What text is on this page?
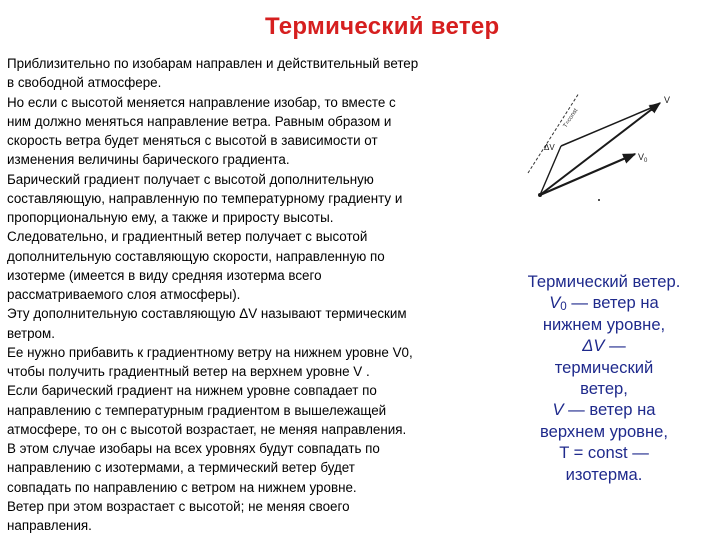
Термический ветер
Приблизительно по изобарам направлен и действительный ветер
в свободной атмосфере.
Но если с высотой меняется направление изобар, то вместе с
ним должно меняться направление ветра. Равным образом и
скорость ветра будет меняться с высотой в зависимости от
изменения величины барического градиента.
Барический градиент получает с высотой дополнительную
составляющую, направленную по температурному градиенту и
пропорциональную ему, а также и приросту высоты.
Следовательно, и градиентный ветер получает с высотой
дополнительную составляющую скорости, направленную по
изотерме (имеется в виду средняя изотерма всего
рассматриваемого слоя атмосферы).
Эту дополнительную составляющую ΔV называют термическим
ветром.
Ее нужно прибавить к градиентному ветру на нижнем уровне V0,
чтобы получить градиентный ветер на верхнем уровне V .
Если барический градиент на нижнем уровне совпадает по
направлению с температурным градиентом в вышележащей
атмосфере, то он с высотой возрастает, не меняя направления.
В этом случае изобары на всех уровнях будут совпадать по
направлению с изотермами, а термический ветер будет
совпадать по направлению с ветром на нижнем уровне.
Ветер при этом возрастает с высотой; не меняя своего
направления.
V
$V_0$
ΔV
T=const
Термический ветер.
$V_0$ — ветер на
нижнем уровне,
ΔV —
термический
ветер,
V — ветер на
верхнем уровне,
T = const —
изотерма.
